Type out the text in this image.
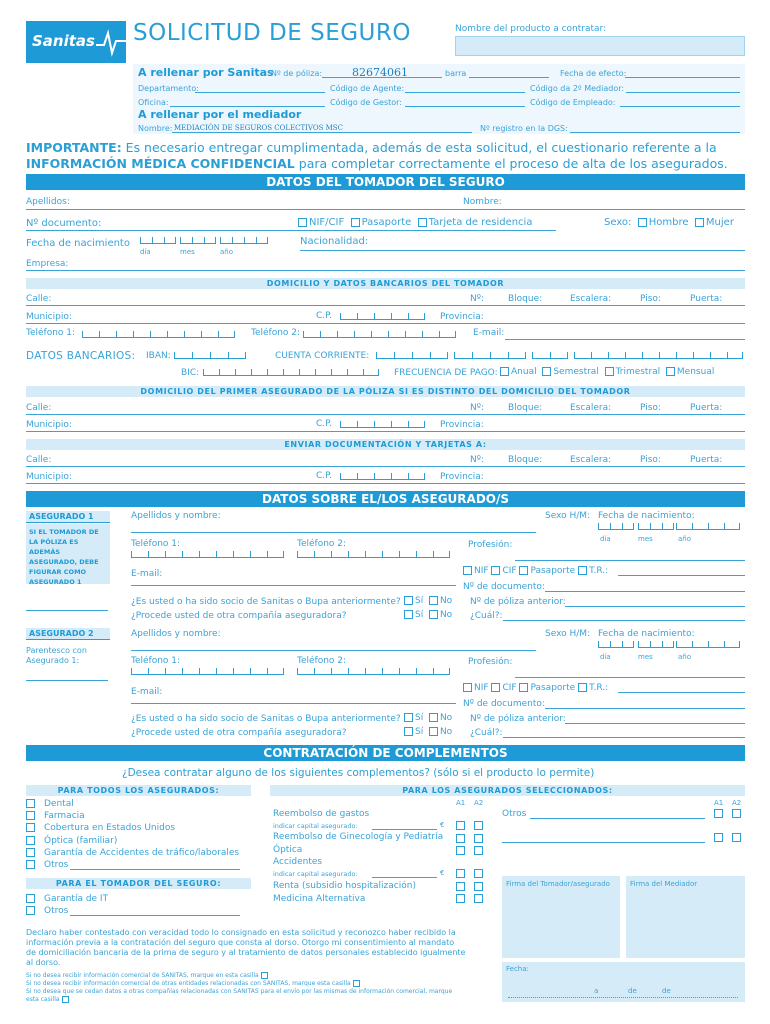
Sanitas SOLICITUD DE SEGURO	Nombre del producto a contratar:
A rellenar por Sanitas
Nº de póliza:	82674061	barra	Fecha de efecto:
Departamento:	Código de Agente:	Código da 2º Mediador:
Oficina:	Código de Gestor:	Código de Empleado:
A rellenar por el mediador
Nombre: MEDIACIÓN DE SEGUROS COLECTIVOS MSC	Nº registro en la DGS:
IMPORTANTE: Es necesario entregar cumplimentada, además de esta solicitud, el cuestionario referente a la
INFORMACIÓN MÉDICA CONFIDENCIAL para completar correctamente el proceso de alta de los asegurados.
DATOS DEL TOMADOR DEL SEGURO
Apellidos:	Nombre:
Nº documento:	NIF/CIF Pasaporte Tarjeta de residencia	Sexo: Hombre Mujer
Fecha de nacimiento
día	mes	año
Nacionalidad:
Empresa:
DOMICILIO Y DATOS BANCARIOS DEL TOMADOR
Calle:	Nº:	Bloque:	Escalera:	Piso:	Puerta:
Municipio:	C.P.	Provincia:
Teléfono 1:	Teléfono 2:	E-mail:
DATOS BANCARIOS: IBAN:	CUENTA CORRIENTE:
BIC:	FRECUENCIA DE PAGO:	Anual Semestral Trimestral Mensual
DOMICILIO DEL PRIMER ASEGURADO DE LA PÓLIZA SI ES DISTINTO DEL DOMICILIO DEL TOMADOR
Calle:	Nº:	Bloque:	Escalera:	Piso:	Puerta:
Municipio:	C.P.	Provincia:
ENVIAR DOCUMENTACIÓN Y TARJETAS A:
Calle:	Nº:	Bloque:	Escalera:	Piso:	Puerta:
Municipio:	C.P.	Provincia:
DATOS SOBRE EL/LOS ASEGURADO/S
ASEGURADO 1
SI EL TOMADOR DE LA PÓLIZA ES ADEMÁS ASEGURADO, DEBE FIGURAR COMO ASEGURADO 1
Apellidos y nombre:	Sexo H/M: Fecha de nacimiento:
día	mes	año
Teléfono 1:	Teléfono 2:	Profesión:
E-mail:	NIF CIF Pasaporte T.R.:
Nº de documento:
¿Es usted o ha sido socio de Sanitas o Bupa anteriormente?	Sí No Nº de póliza anterior:
¿Procede usted de otra compañía aseguradora?	Sí No ¿Cuál?:
ASEGURADO 2
Parentesco con Asegurado 1:
Apellidos y nombre:	Sexo H/M: Fecha de nacimiento:
día	mes	año
Teléfono 1:	Teléfono 2:	Profesión:
E-mail:	NIF CIF Pasaporte T.R.:
Nº de documento:
¿Es usted o ha sido socio de Sanitas o Bupa anteriormente?	Sí No Nº de póliza anterior:
¿Procede usted de otra compañía aseguradora?	Sí No ¿Cuál?:
CONTRATACIÓN DE COMPLEMENTOS
¿Desea contratar alguno de los siguientes complementos? (sólo si el producto lo permite)
PARA TODOS LOS ASEGURADOS:	PARA LOS ASEGURADOS SELECCIONADOS:
Dental
Farmacia
Cobertura en Estados Unidos
Óptica (familiar)
Garantía de Accidentes de tráfico/laborales
Otros
PARA EL TOMADOR DEL SEGURO:
Garantía de IT
Otros
A1 A2
Reembolso de gastos
indicar capital asegurado:	€
Reembolso de Ginecología y Pediatría
Óptica
Accidentes
indicar capital asegurado:	€
Renta (subsidio hospitalización)
Medicina Alternativa
A1 A2
Otros
Firma del Tomador/asegurado	Firma del Mediador
Fecha:
a	de	de
Declaro haber contestado con veracidad todo lo consignado en esta solicitud y reconozco haber recibido la información previa a la contratación del seguro que consta al dorso. Otorgo mi consentimiento al mandato de domiciliación bancaria de la prima de seguro y al tratamiento de datos personales establecido igualmente al dorso.
Si no desea recibir información comercial de SANITAS, marque en esta casilla
Si no desea recibir información comercial de otras entidades relacionadas con SANITAS, marque esta casilla
Si no desea que se cedan datos a otras compañías relacionadas con SANITAS para el envío por las mismas de información comercial, marque esta casilla
